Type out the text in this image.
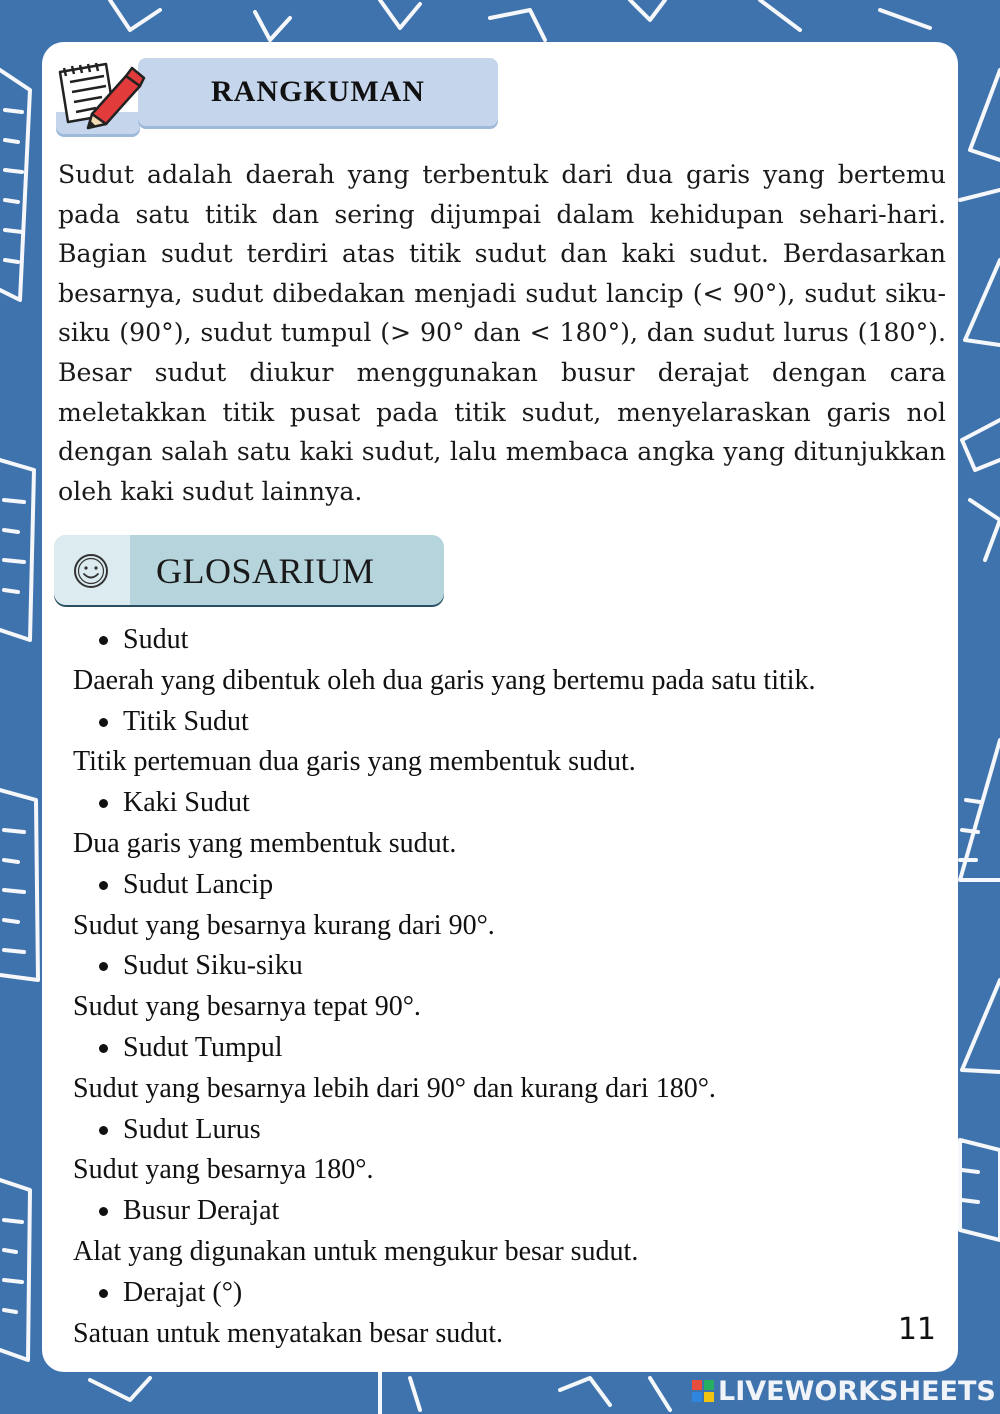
RANGKUMAN

Sudut adalah daerah yang terbentuk dari dua garis yang bertemu pada satu titik dan sering dijumpai dalam kehidupan sehari-hari. Bagian sudut terdiri atas titik sudut dan kaki sudut. Berdasarkan besarnya, sudut dibedakan menjadi sudut lancip (< 90°), sudut siku-siku (90°), sudut tumpul (> 90° dan < 180°), dan sudut lurus (180°). Besar sudut diukur menggunakan busur derajat dengan cara meletakkan titik pusat pada titik sudut, menyelaraskan garis nol dengan salah satu kaki sudut, lalu membaca angka yang ditunjukkan oleh kaki sudut lainnya.

GLOSARIUM
Sudut
Daerah yang dibentuk oleh dua garis yang bertemu pada satu titik.
Titik Sudut
Titik pertemuan dua garis yang membentuk sudut.
Kaki Sudut
Dua garis yang membentuk sudut.
Sudut Lancip
Sudut yang besarnya kurang dari 90°.
Sudut Siku-siku
Sudut yang besarnya tepat 90°.
Sudut Tumpul
Sudut yang besarnya lebih dari 90° dan kurang dari 180°.
Sudut Lurus
Sudut yang besarnya 180°.
Busur Derajat
Alat yang digunakan untuk mengukur besar sudut.
Derajat (°)
Satuan untuk menyatakan besar sudut.	11
LIVEWORKSHEETS
